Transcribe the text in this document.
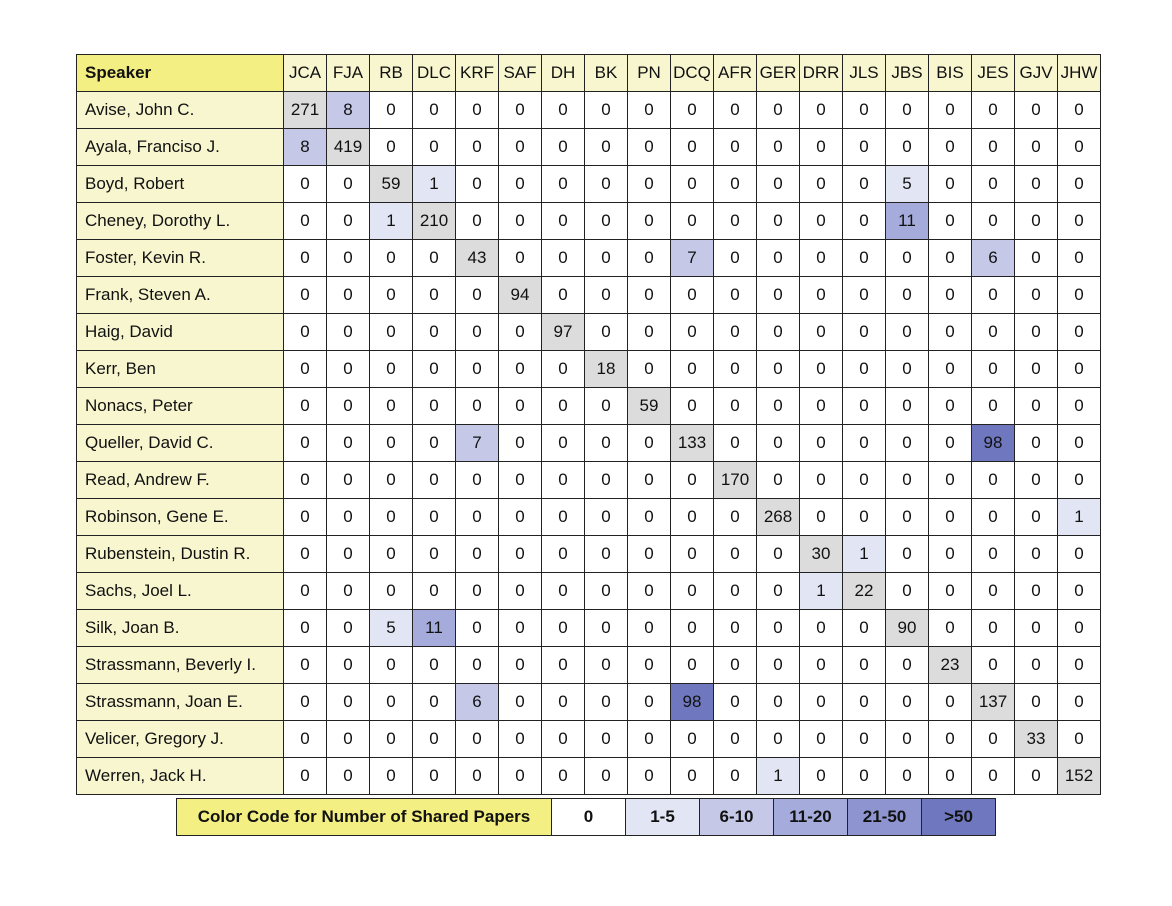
Speaker	JCA	FJA	RB	DLC	KRF	SAF	DH	BK	PN	DCQ	AFR	GER	DRR	JLS	JBS	BIS	JES	GJV	JHW
Avise, John C.	271	8	0	0	0	0	0	0	0	0	0	0	0	0	0	0	0	0	0
Ayala, Franciso J.	8	419	0	0	0	0	0	0	0	0	0	0	0	0	0	0	0	0	0
Boyd, Robert	0	0	59	1	0	0	0	0	0	0	0	0	0	0	5	0	0	0	0
Cheney, Dorothy L.	0	0	1	210	0	0	0	0	0	0	0	0	0	0	11	0	0	0	0
Foster, Kevin R.	0	0	0	0	43	0	0	0	0	7	0	0	0	0	0	0	6	0	0
Frank, Steven A.	0	0	0	0	0	94	0	0	0	0	0	0	0	0	0	0	0	0	0
Haig, David	0	0	0	0	0	0	97	0	0	0	0	0	0	0	0	0	0	0	0
Kerr, Ben	0	0	0	0	0	0	0	18	0	0	0	0	0	0	0	0	0	0	0
Nonacs, Peter	0	0	0	0	0	0	0	0	59	0	0	0	0	0	0	0	0	0	0
Queller, David C.	0	0	0	0	7	0	0	0	0	133	0	0	0	0	0	0	98	0	0
Read, Andrew F.	0	0	0	0	0	0	0	0	0	0	170	0	0	0	0	0	0	0	0
Robinson, Gene E.	0	0	0	0	0	0	0	0	0	0	0	268	0	0	0	0	0	0	1
Rubenstein, Dustin R.	0	0	0	0	0	0	0	0	0	0	0	0	30	1	0	0	0	0	0
Sachs, Joel L.	0	0	0	0	0	0	0	0	0	0	0	0	1	22	0	0	0	0	0
Silk, Joan B.	0	0	5	11	0	0	0	0	0	0	0	0	0	0	90	0	0	0	0
Strassmann, Beverly I.	0	0	0	0	0	0	0	0	0	0	0	0	0	0	0	23	0	0	0
Strassmann, Joan E.	0	0	0	0	6	0	0	0	0	98	0	0	0	0	0	0	137	0	0
Velicer, Gregory J.	0	0	0	0	0	0	0	0	0	0	0	0	0	0	0	0	0	33	0
Werren, Jack H.	0	0	0	0	0	0	0	0	0	0	0	1	0	0	0	0	0	0	152
Color Code for Number of Shared Papers	0	1-5	6-10	11-20	21-50	>50
